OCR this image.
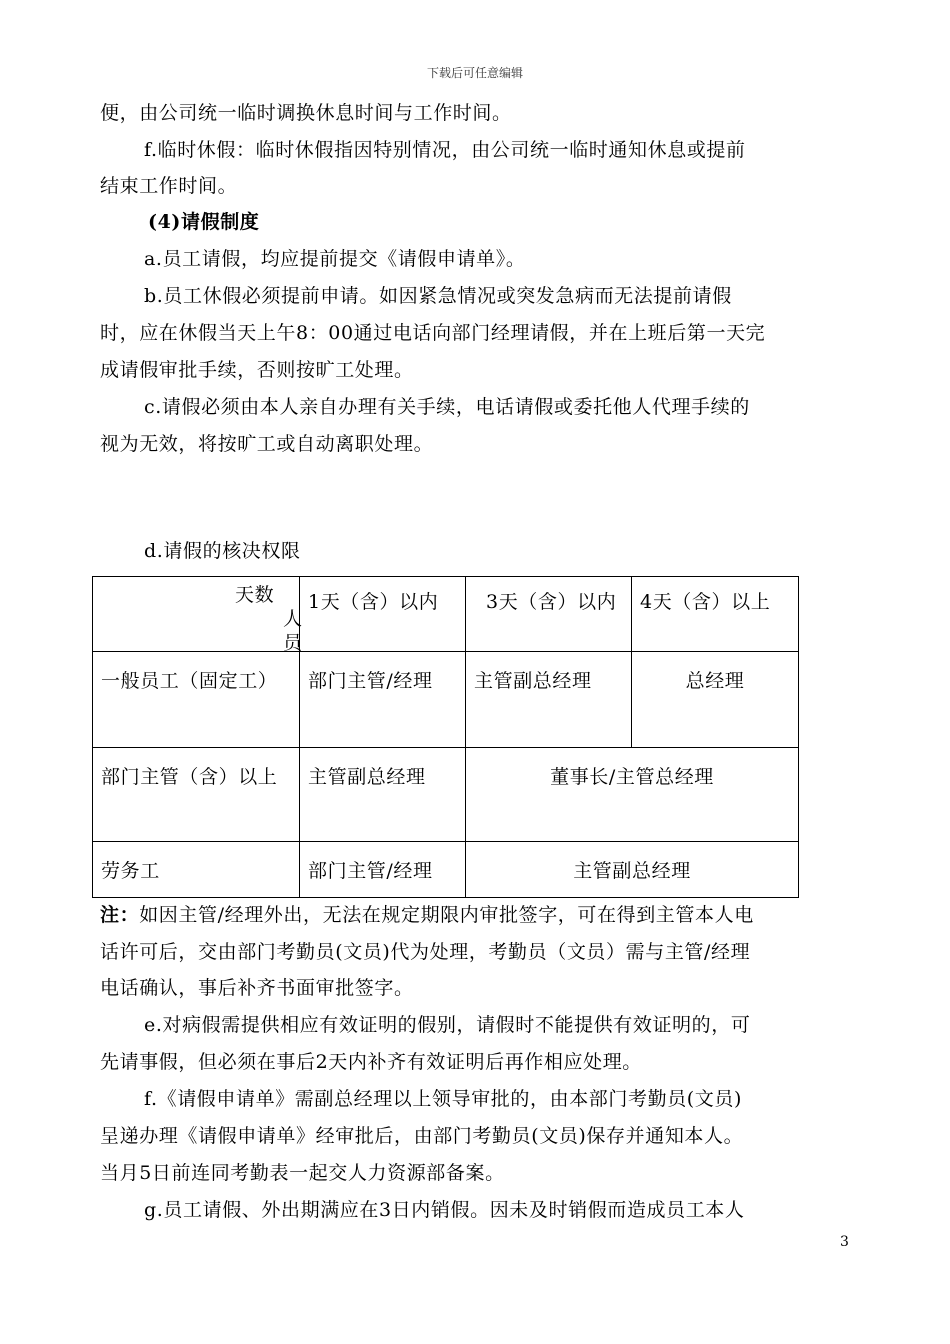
下载后可任意编辑
便，由公司统一临时调换休息时间与工作时间。
f.临时休假：临时休假指因特别情况，由公司统一临时通知休息或提前
结束工作时间。
(4)请假制度
a.员工请假，均应提前提交《请假申请单》。
b.员工休假必须提前申请。如因紧急情况或突发急病而无法提前请假
时，应在休假当天上午8：00通过电话向部门经理请假，并在上班后第一天完
成请假审批手续，否则按旷工处理。
c.请假必须由本人亲自办理有关手续，电话请假或委托他人代理手续的
视为无效，将按旷工或自动离职处理。
d.请假的核决权限
天数
人员	1天（含）以内	3天（含）以内	4天（含）以上
一般员工（固定工）	部门主管/经理	主管副总经理	总经理
部门主管（含）以上	主管副总经理	董事长/主管总经理	
劳务工	部门主管/经理	主管副总经理	
注：如因主管/经理外出，无法在规定期限内审批签字，可在得到主管本人电
话许可后，交由部门考勤员(文员)代为处理，考勤员（文员）需与主管/经理
电话确认，事后补齐书面审批签字。
e.对病假需提供相应有效证明的假别，请假时不能提供有效证明的，可
先请事假，但必须在事后2天内补齐有效证明后再作相应处理。
f.《请假申请单》需副总经理以上领导审批的，由本部门考勤员(文员)
呈递办理《请假申请单》经审批后，由部门考勤员(文员)保存并通知本人。
当月5日前连同考勤表一起交人力资源部备案。
g.员工请假、外出期满应在3日内销假。因未及时销假而造成员工本人
3
